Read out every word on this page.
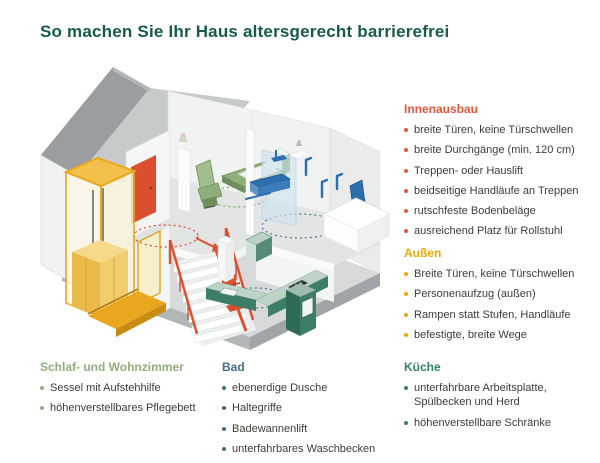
So machen Sie Ihr Haus altersgerecht barrierefrei
Innenausbau
breite Türen, keine Türschwellen
breite Durchgänge (min. 120 cm)
Treppen- oder Hauslift
beidseitige Handläufe an Treppen
rutschfeste Bodenbeläge
ausreichend Platz für Rollstuhl
Außen
Breite Türen, keine Türschwellen
Personenaufzug (außen)
Rampen statt Stufen, Handläufe
befestigte, breite Wege
Schlaf- und Wohnzimmer
Sessel mit Aufstehhilfe
höhenverstellbares Pflegebett
Bad
ebenerdige Dusche
Haltegriffe
Badewannenlift
unterfahrbares Waschbecken
Küche
unterfahrbare Arbeitsplatte, Spülbecken und Herd
höhenverstellbare Schränke
